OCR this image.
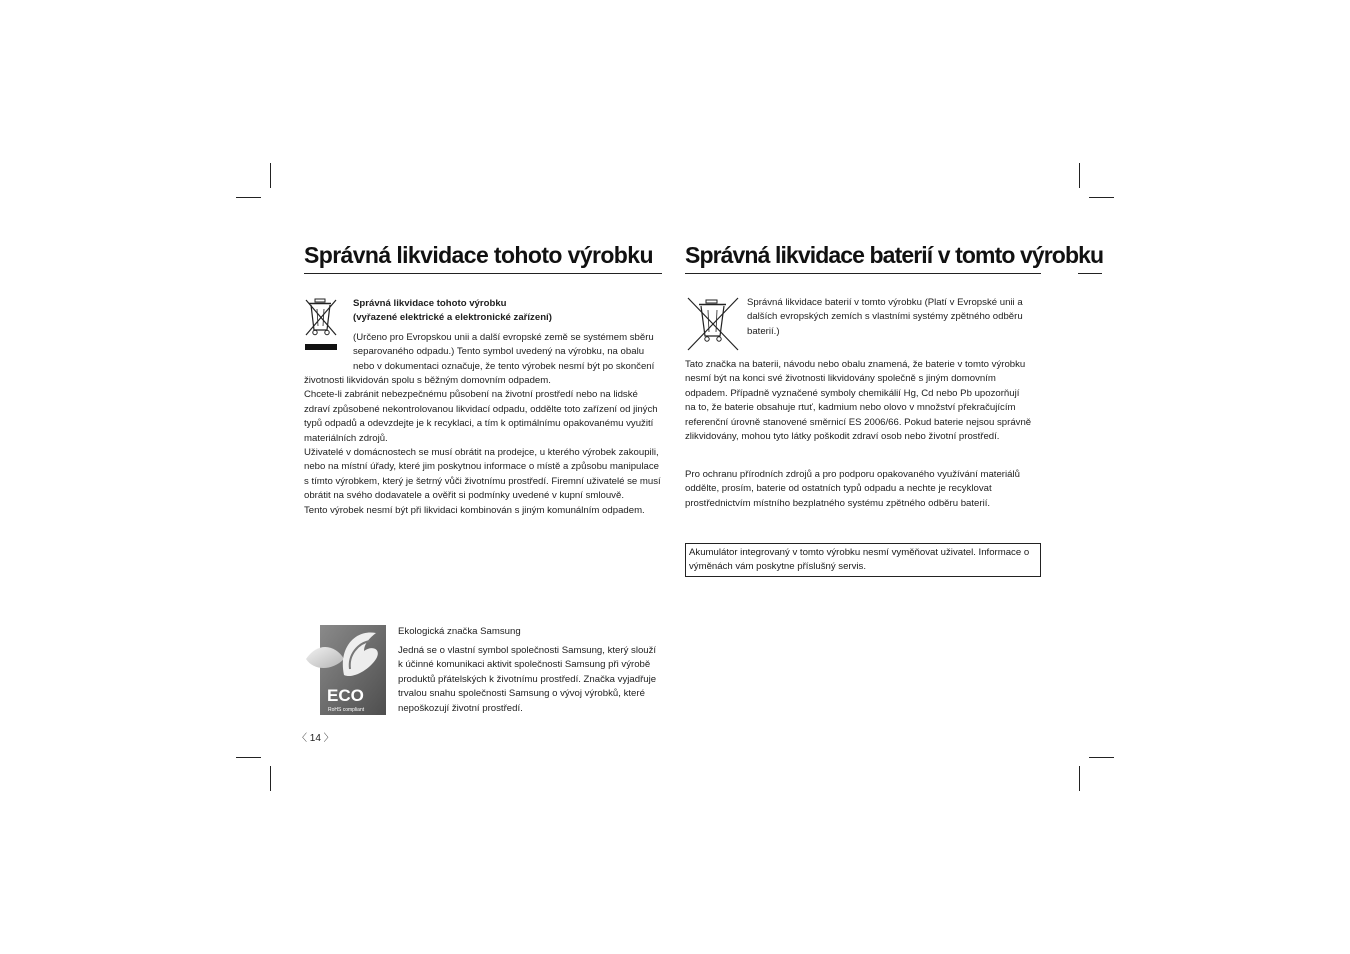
Správná likvidace tohoto výrobku
Správná likvidace tohoto výrobku
(vyřazené elektrické a elektronické zařízení)
(Určeno pro Evropskou unii a další evropské země se systémem sběru
separovaného odpadu.) Tento symbol uvedený na výrobku, na obalu
nebo v dokumentaci označuje, že tento výrobek nesmí být po skončení
životnosti likvidován spolu s běžným domovním odpadem.
Chcete-li zabránit nebezpečnému působení na životní prostředí nebo na lidské
zdraví způsobené nekontrolovanou likvidací odpadu, oddělte toto zařízení od jiných
typů odpadů a odevzdejte je k recyklaci, a tím k optimálnímu opakovanému využití
materiálních zdrojů.
Uživatelé v domácnostech se musí obrátit na prodejce, u kterého výrobek zakoupili,
nebo na místní úřady, které jim poskytnou informace o místě a způsobu manipulace
s tímto výrobkem, který je šetrný vůči životnímu prostředí. Firemní uživatelé se musí
obrátit na svého dodavatele a ověřit si podmínky uvedené v kupní smlouvě.
Tento výrobek nesmí být při likvidaci kombinován s jiným komunálním odpadem.
ECO
RoHS compliant
Ekologická značka Samsung
Jedná se o vlastní symbol společnosti Samsung, který slouží
k účinné komunikaci aktivit společnosti Samsung při výrobě
produktů přátelských k životnímu prostředí. Značka vyjadřuje
trvalou snahu společnosti Samsung o vývoj výrobků, které
nepoškozují životní prostředí.
〈 14 〉
Správná likvidace baterií v tomto výrobku
Správná likvidace baterií v tomto výrobku (Platí v Evropské unii a
dalších evropských zemích s vlastními systémy zpětného odběru
baterií.)
Tato značka na baterii, návodu nebo obalu znamená, že baterie v tomto výrobku
nesmí být na konci své životnosti likvidovány společně s jiným domovním
odpadem. Případně vyznačené symboly chemikálií Hg, Cd nebo Pb upozorňují
na to, že baterie obsahuje rtuť, kadmium nebo olovo v množství překračujícím
referenční úrovně stanovené směrnicí ES 2006/66. Pokud baterie nejsou správně
zlikvidovány, mohou tyto látky poškodit zdraví osob nebo životní prostředí.
Pro ochranu přírodních zdrojů a pro podporu opakovaného využívání materiálů
oddělte, prosím, baterie od ostatních typů odpadu a nechte je recyklovat
prostřednictvím místního bezplatného systému zpětného odběru baterií.
Akumulátor integrovaný v tomto výrobku nesmí vyměňovat uživatel. Informace o
výměnách vám poskytne příslušný servis.
